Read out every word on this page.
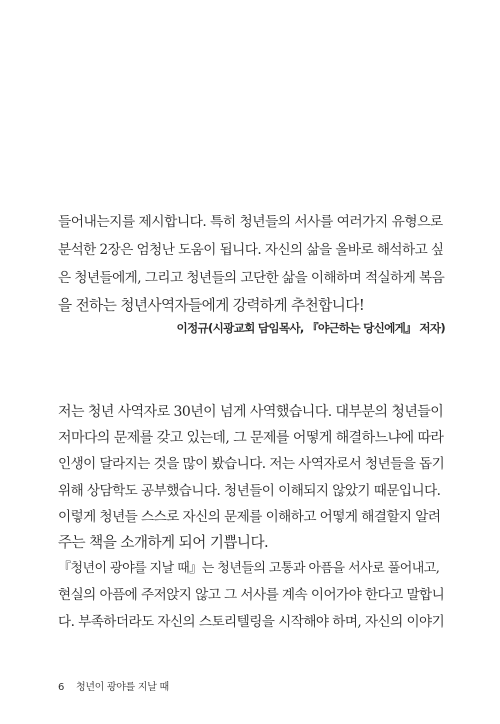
들어내는지를 제시합니다. 특히 청년들의 서사를 여러가지 유형으로
분석한 2장은 엄청난 도움이 됩니다. 자신의 삶을 올바로 해석하고 싶
은 청년들에게, 그리고 청년들의 고단한 삶을 이해하며 적실하게 복음
을 전하는 청년사역자들에게 강력하게 추천합니다!
이정규(시광교회 담임목사, 『야근하는 당신에게』 저자)
저는 청년 사역자로 30년이 넘게 사역했습니다. 대부분의 청년들이
저마다의 문제를 갖고 있는데, 그 문제를 어떻게 해결하느냐에 따라
인생이 달라지는 것을 많이 봤습니다. 저는 사역자로서 청년들을 돕기
위해 상담학도 공부했습니다. 청년들이 이해되지 않았기 때문입니다.
이렇게 청년들 스스로 자신의 문제를 이해하고 어떻게 해결할지 알려
주는 책을 소개하게 되어 기쁩니다.
『청년이 광야를 지날 때』는 청년들의 고통과 아픔을 서사로 풀어내고,
현실의 아픔에 주저앉지 않고 그 서사를 계속 이어가야 한다고 말합니
다. 부족하더라도 자신의 스토리텔링을 시작해야 하며, 자신의 이야기
6 청년이 광야를 지날 때
